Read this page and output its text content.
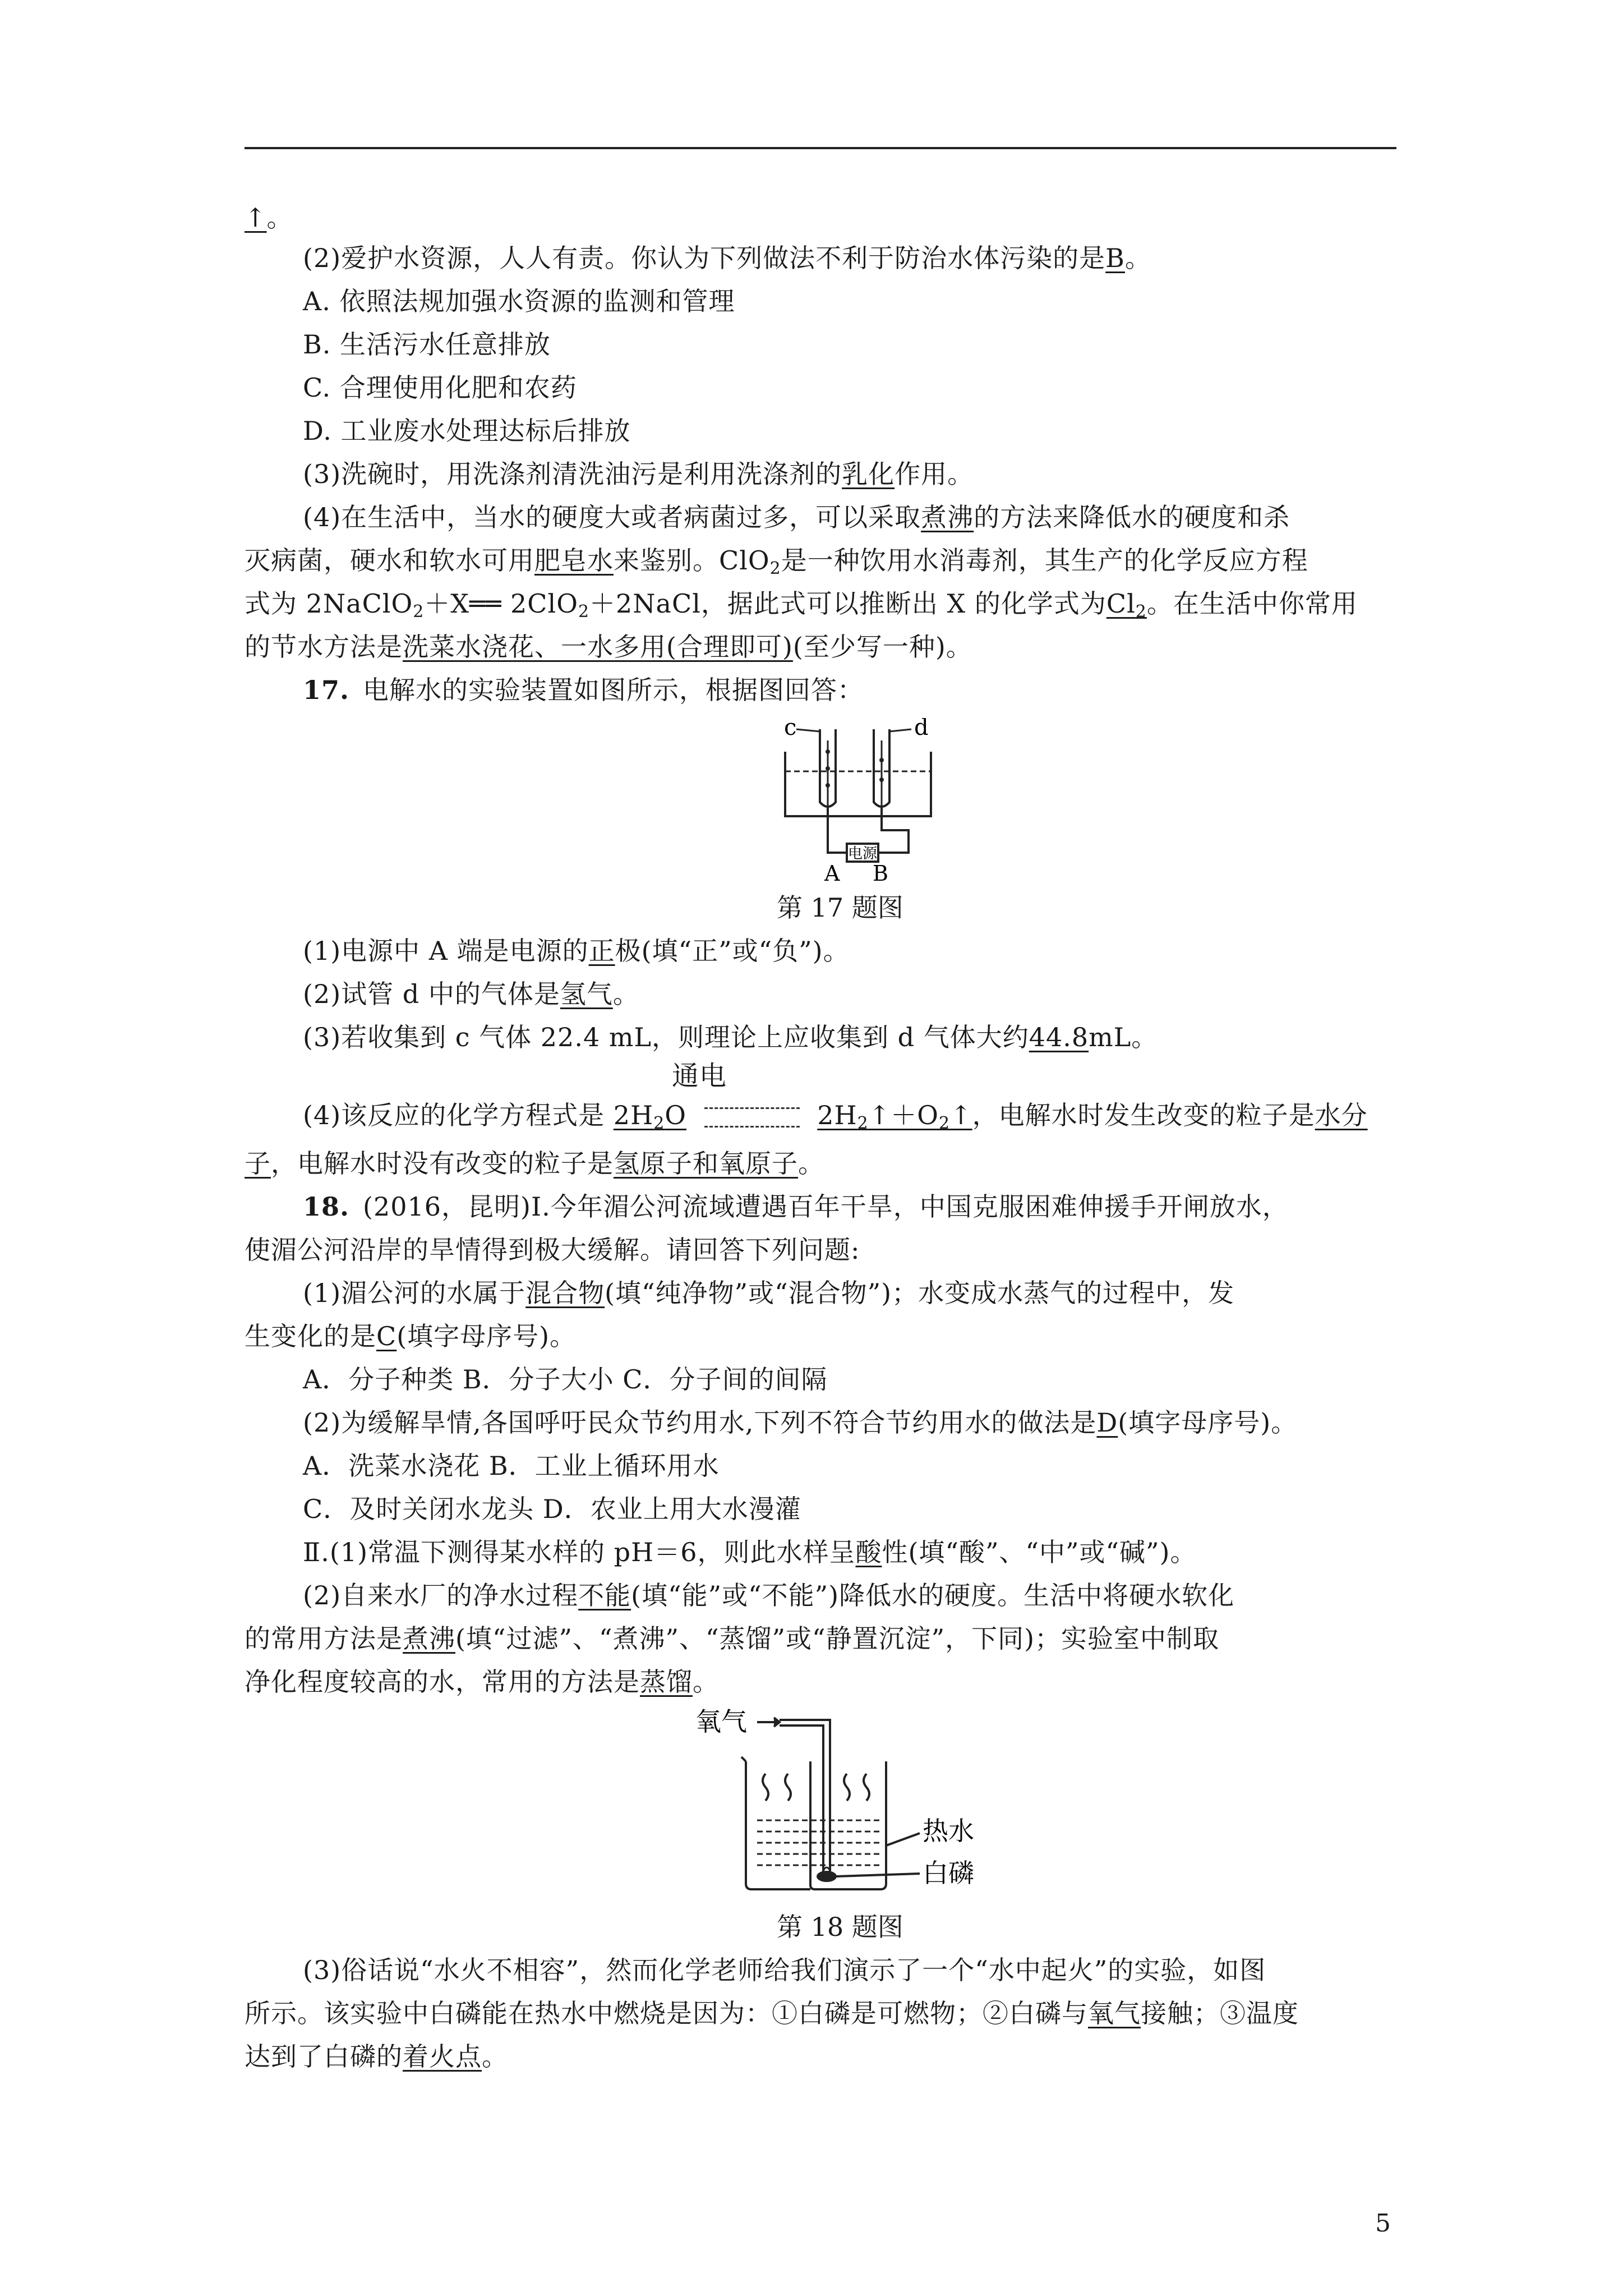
↑。
(2)爱护水资源，人人有责。你认为下列做法不利于防治水体污染的是B。
A. 依照法规加强水资源的监测和管理
B. 生活污水任意排放
C. 合理使用化肥和农药
D. 工业废水处理达标后排放
(3)洗碗时，用洗涤剂清洗油污是利用洗涤剂的乳化作用。
(4)在生活中，当水的硬度大或者病菌过多，可以采取煮沸的方法来降低水的硬度和杀
灭病菌，硬水和软水可用肥皂水来鉴别。ClO$_2$是一种饮用水消毒剂，其生产的化学反应方程
式为 2NaClO$_2$＋X══ 2ClO$_2$＋2NaCl，据此式可以推断出 X 的化学式为$Cl_2$。在生活中你常用
的节水方法是洗菜水浇花、一水多用(合理即可)(至少写一种)。
17. 电解水的实验装置如图所示，根据图回答：
c	d
电源
A B
第 17 题图
(1)电源中 A 端是电源的正极(填“正”或“负”)。
(2)试管 d 中的气体是氢气。
(3)若收集到 c 气体 22.4 mL，则理论上应收集到 d 气体大约44.8mL。
通电
(4)该反应的化学方程式是 $2H_2O$	$2H_2↑+O_2↑$，电解水时发生改变的粒子是水分
子，电解水时没有改变的粒子是氢原子和氧原子。
18. (2016，昆明)Ⅰ.今年湄公河流域遭遇百年干旱，中国克服困难伸援手开闸放水，
使湄公河沿岸的旱情得到极大缓解。请回答下列问题:
(1)湄公河的水属于混合物(填“纯净物”或“混合物”)；水变成水蒸气的过程中，发
生变化的是C(填字母序号)。
A．分子种类 B．分子大小 C．分子间的间隔
(2)为缓解旱情,各国呼吁民众节约用水,下列不符合节约用水的做法是D(填字母序号)。
A．洗菜水浇花 B．工业上循环用水
C．及时关闭水龙头 D．农业上用大水漫灌
Ⅱ.(1)常温下测得某水样的 pH＝6，则此水样呈酸性(填“酸”、“中”或“碱”)。
(2)自来水厂的净水过程不能(填“能”或“不能”)降低水的硬度。生活中将硬水软化
的常用方法是煮沸(填“过滤”、“煮沸”、“蒸馏”或“静置沉淀”，下同)；实验室中制取
净化程度较高的水，常用的方法是蒸馏。
氧气
热水
白磷
第 18 题图
(3)俗话说“水火不相容”，然而化学老师给我们演示了一个“水中起火”的实验，如图
所示。该实验中白磷能在热水中燃烧是因为：①白磷是可燃物；②白磷与氧气接触；③温度
达到了白磷的着火点。
5
